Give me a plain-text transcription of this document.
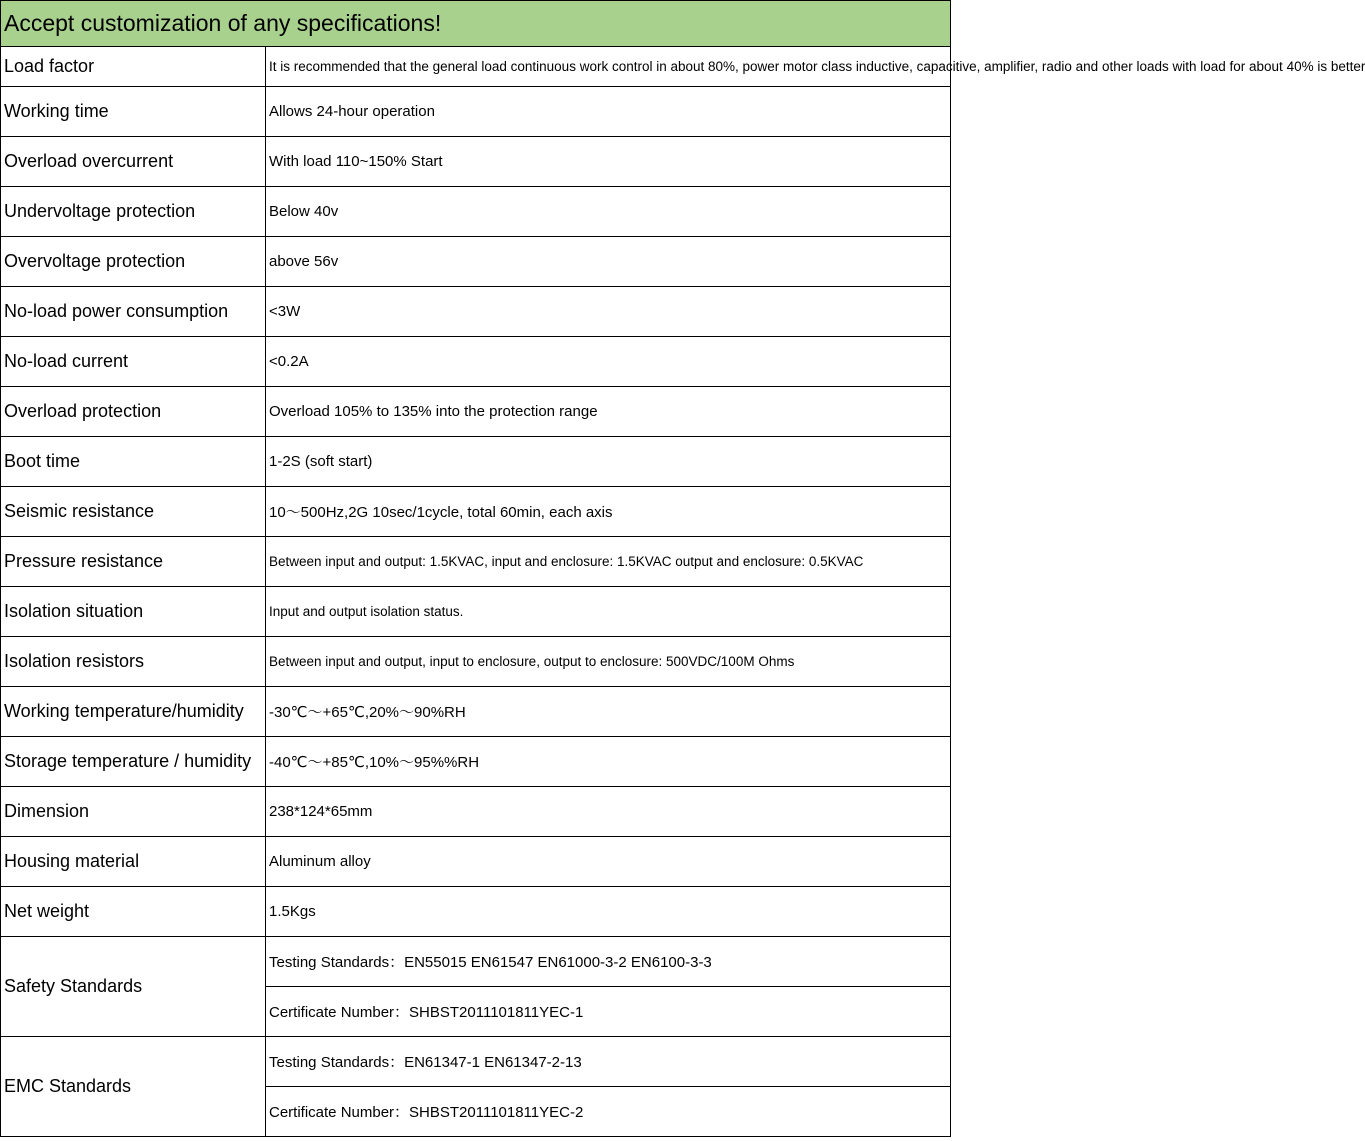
Accept customization of any specifications!	
Load factor	It is recommended that the general load continuous work control in about 80%, power motor class inductive, capacitive, amplifier, radio and other loads with load for about 40% is better
Working time	Allows 24-hour operation
Overload overcurrent	With load 110~150% Start
Undervoltage protection	Below 40v
Overvoltage protection	above 56v
No-load power consumption	<3W
No-load current	<0.2A
Overload protection	Overload 105% to 135% into the protection range
Boot time	1-2S (soft start)
Seismic resistance	10～500Hz,2G 10sec/1cycle, total 60min, each axis
Pressure resistance	Between input and output: 1.5KVAC, input and enclosure: 1.5KVAC output and enclosure: 0.5KVAC
Isolation situation	Input and output isolation status.
Isolation resistors	Between input and output, input to enclosure, output to enclosure: 500VDC/100M Ohms
Working temperature/humidity	-30℃～+65℃,20%～90%RH
Storage temperature / humidity	-40℃～+85℃,10%～95%%RH
Dimension	238*124*65mm
Housing material	Aluminum alloy
Net weight	1.5Kgs
Safety Standards	Testing Standards：EN55015 EN61547 EN61000-3-2 EN6100-3-3
	Certificate Number：SHBST2011101811YEC-1
EMC Standards	Testing Standards：EN61347-1 EN61347-2-13
	Certificate Number：SHBST2011101811YEC-2
